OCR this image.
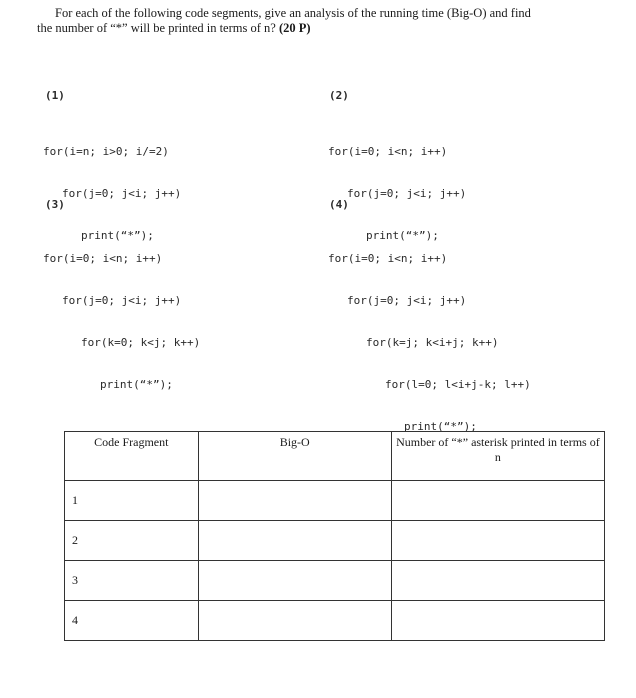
For each of the following code segments, give an analysis of the running time (Big-O) and find
the number of “*” will be printed in terms of n? (20 P)
(1)

for(i=n; i>0; i/=2)

for(j=0; j<i; j++)

print(“*”);

(2)

for(i=0; i<n; i++)

for(j=0; j<i; j++)

print(“*”);

(3)

for(i=0; i<n; i++)

for(j=0; j<i; j++)

for(k=0; k<j; k++)

print(“*”);

(4)

for(i=0; i<n; i++)

for(j=0; j<i; j++)

for(k=j; k<i+j; k++)

for(l=0; l<i+j-k; l++)

print(“*”);

Code Fragment	Big-O	Number of “*” asterisk printed in terms of n
1		
2		
3		
4		
